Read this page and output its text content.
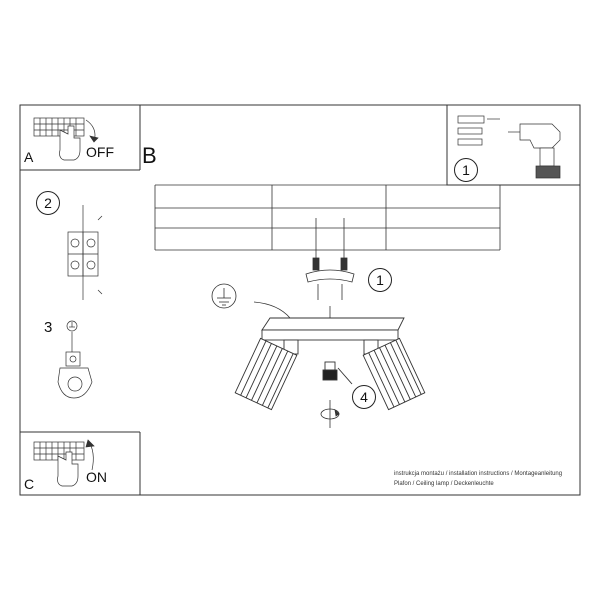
A	OFF B
C	ON
2
3
1
1
4
instrukcja montażu / installation instructions / Montageanleitung
Plafon / Ceiling lamp / Deckenleuchte
